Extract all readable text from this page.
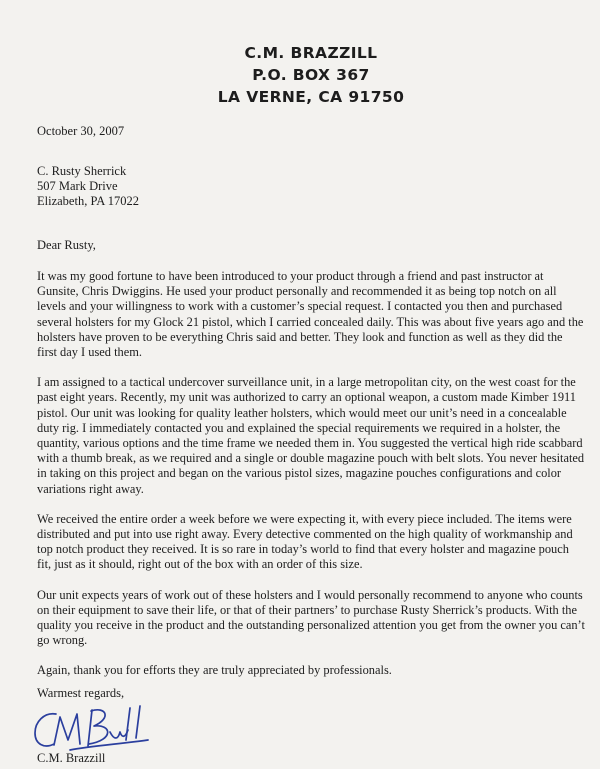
C.M. BRAZZILL
P.O. BOX 367
LA VERNE, CA 91750
October 30, 2007
C. Rusty Sherrick
507 Mark Drive
Elizabeth, PA 17022
Dear Rusty,

It was my good fortune to have been introduced to your product through a friend and past instructor at Gunsite, Chris Dwiggins. He used your product personally and recommended it as being top notch on all levels and your willingness to work with a customer’s special request. I contacted you then and purchased several holsters for my Glock 21 pistol, which I carried concealed daily. This was about five years ago and the holsters have proven to be everything Chris said and better. They look and function as well as they did the first day I used them.

I am assigned to a tactical undercover surveillance unit, in a large metropolitan city, on the west coast for the past eight years. Recently, my unit was authorized to carry an optional weapon, a custom made Kimber 1911 pistol. Our unit was looking for quality leather holsters, which would meet our unit’s need in a concealable duty rig. I immediately contacted you and explained the special requirements we required in a holster, the quantity, various options and the time frame we needed them in. You suggested the vertical high ride scabbard with a thumb break, as we required and a single or double magazine pouch with belt slots. You never hesitated in taking on this project and began on the various pistol sizes, magazine pouches configurations and color variations right away.

We received the entire order a week before we were expecting it, with every piece included. The items were distributed and put into use right away. Every detective commented on the high quality of workmanship and top notch product they received. It is so rare in today’s world to find that every holster and magazine pouch fit, just as it should, right out of the box with an order of this size.

Our unit expects years of work out of these holsters and I would personally recommend to anyone who counts on their equipment to save their life, or that of their partners’ to purchase Rusty Sherrick’s products. With the quality you receive in the product and the outstanding personalized attention you get from the owner you can’t go wrong.

Again, thank you for efforts they are truly appreciated by professionals.

Warmest regards,
C.M. Brazzill
